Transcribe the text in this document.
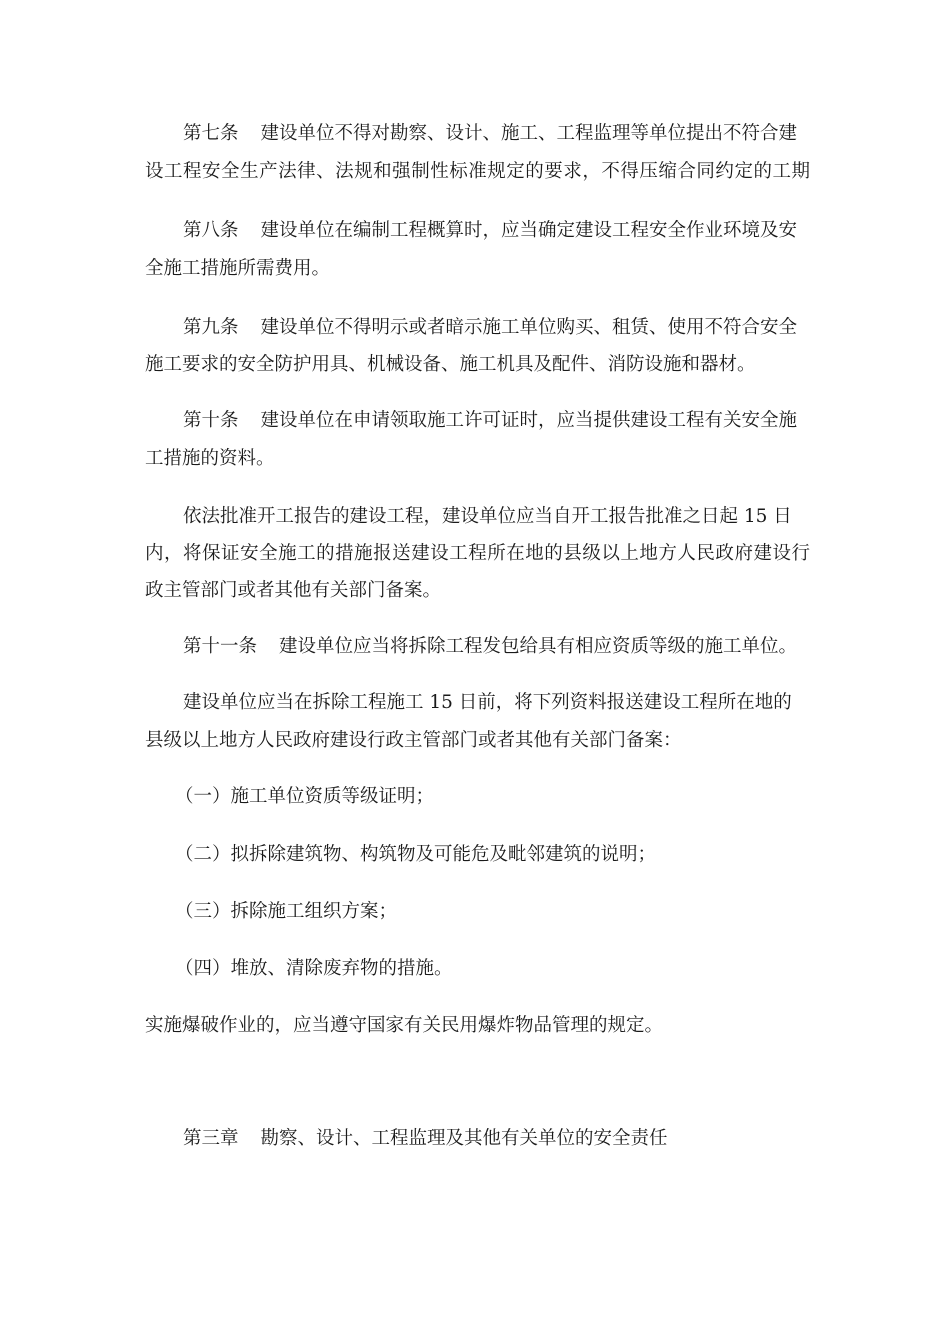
第七条 建设单位不得对勘察、设计、施工、工程监理等单位提出不符合建
设工程安全生产法律、法规和强制性标准规定的要求，不得压缩合同约定的工期
第八条 建设单位在编制工程概算时，应当确定建设工程安全作业环境及安
全施工措施所需费用。
第九条 建设单位不得明示或者暗示施工单位购买、租赁、使用不符合安全
施工要求的安全防护用具、机械设备、施工机具及配件、消防设施和器材。
第十条 建设单位在申请领取施工许可证时，应当提供建设工程有关安全施
工措施的资料。
依法批准开工报告的建设工程，建设单位应当自开工报告批准之日起 15 日
内，将保证安全施工的措施报送建设工程所在地的县级以上地方人民政府建设行
政主管部门或者其他有关部门备案。
第十一条 建设单位应当将拆除工程发包给具有相应资质等级的施工单位。
建设单位应当在拆除工程施工 15 日前，将下列资料报送建设工程所在地的
县级以上地方人民政府建设行政主管部门或者其他有关部门备案：
（一）施工单位资质等级证明；
（二）拟拆除建筑物、构筑物及可能危及毗邻建筑的说明；
（三）拆除施工组织方案；
（四）堆放、清除废弃物的措施。
实施爆破作业的，应当遵守国家有关民用爆炸物品管理的规定。
第三章 勘察、设计、工程监理及其他有关单位的安全责任
